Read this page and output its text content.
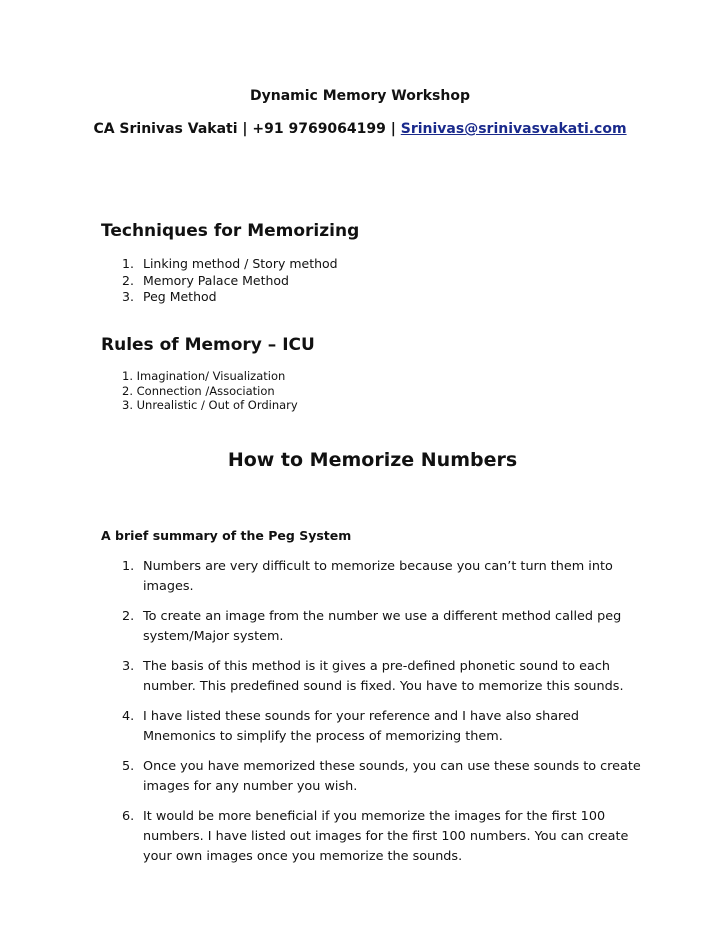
Dynamic Memory Workshop
CA Srinivas Vakati | +91 9769064199 | Srinivas@srinivasvakati.com
Techniques for Memorizing
1. Linking method / Story method
2. Memory Palace Method
3. Peg Method
Rules of Memory – ICU
1. Imagination/ Visualization
2. Connection /Association
3. Unrealistic / Out of Ordinary
How to Memorize Numbers
A brief summary of the Peg System
1. Numbers are very difficult to memorize because you can’t turn them into images.
2. To create an image from the number we use a different method called peg system/Major system.
3. The basis of this method is it gives a pre-defined phonetic sound to each number. This predefined sound is fixed. You have to memorize this sounds.
4. I have listed these sounds for your reference and I have also shared Mnemonics to simplify the process of memorizing them.
5. Once you have memorized these sounds, you can use these sounds to create images for any number you wish.
6. It would be more beneficial if you memorize the images for the first 100 numbers. I have listed out images for the first 100 numbers. You can create your own images once you memorize the sounds.
